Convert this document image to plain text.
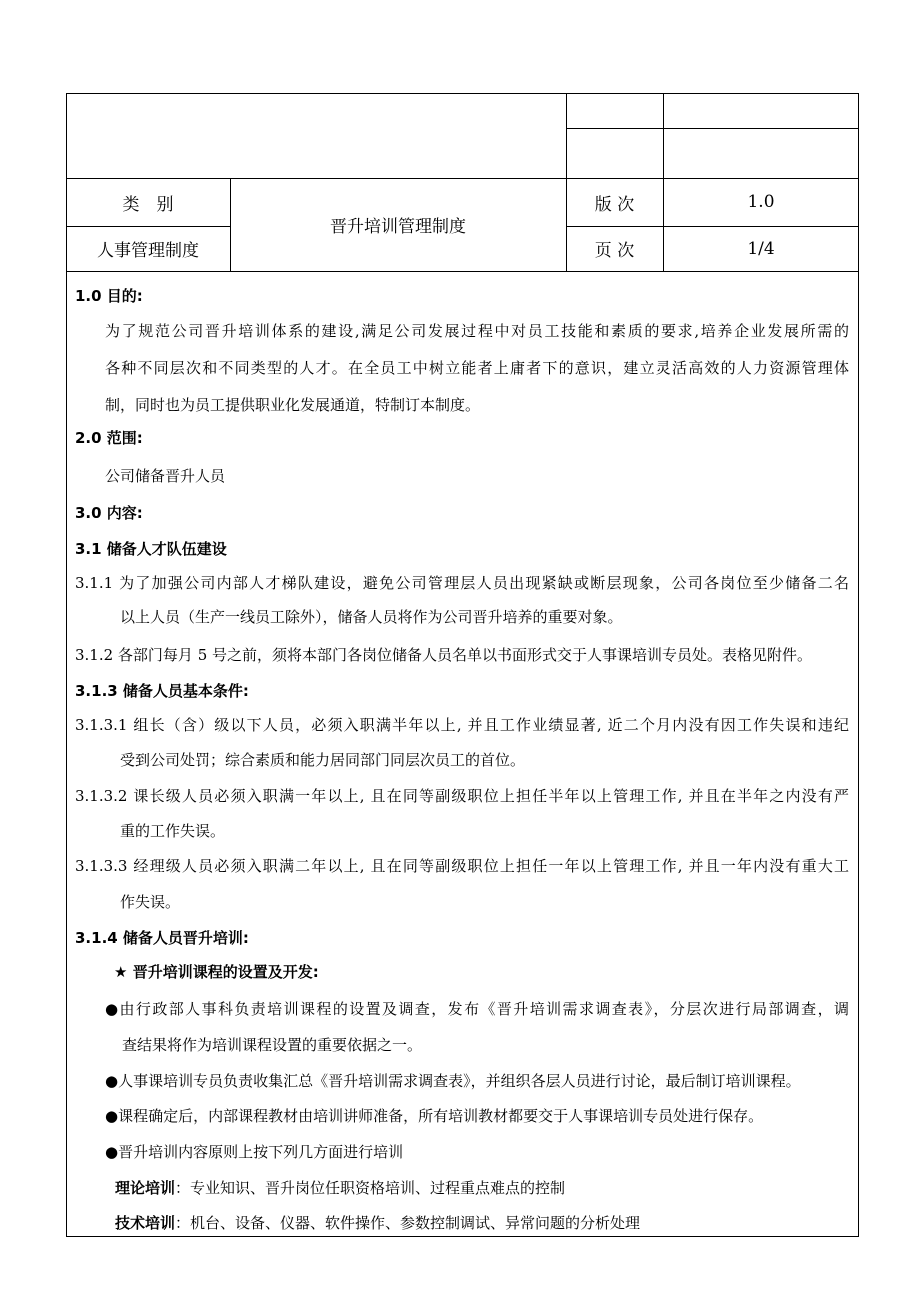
类　别
人事管理制度
晋升培训管理制度
版 次	1.0
页 次	1/4
1.0 目的:
为了规范公司晋升培训体系的建设,满足公司发展过程中对员工技能和素质的要求,培养企业发展所需的
各种不同层次和不同类型的人才。在全员工中树立能者上庸者下的意识，建立灵活高效的人力资源管理体
制，同时也为员工提供职业化发展通道，特制订本制度。
2.0 范围:
公司储备晋升人员
3.0 内容:
3.1 储备人才队伍建设
3.1.1 为了加强公司内部人才梯队建设，避免公司管理层人员出现紧缺或断层现象，公司各岗位至少储备二名
以上人员（生产一线员工除外），储备人员将作为公司晋升培养的重要对象。
3.1.2 各部门每月 5 号之前，须将本部门各岗位储备人员名单以书面形式交于人事课培训专员处。表格见附件。
3.1.3 储备人员基本条件:
3.1.3.1 组长（含）级以下人员，必须入职满半年以上, 并且工作业绩显著, 近二个月内没有因工作失误和违纪
受到公司处罚；综合素质和能力居同部门同层次员工的首位。
3.1.3.2 课长级人员必须入职满一年以上, 且在同等副级职位上担任半年以上管理工作, 并且在半年之内没有严
重的工作失误。
3.1.3.3 经理级人员必须入职满二年以上, 且在同等副级职位上担任一年以上管理工作, 并且一年内没有重大工
作失误。
3.1.4 储备人员晋升培训:
★ 晋升培训课程的设置及开发:
●由行政部人事科负责培训课程的设置及调查，发布《晋升培训需求调查表》，分层次进行局部调查，调
查结果将作为培训课程设置的重要依据之一。
●人事课培训专员负责收集汇总《晋升培训需求调查表》，并组织各层人员进行讨论，最后制订培训课程。
●课程确定后，内部课程教材由培训讲师准备，所有培训教材都要交于人事课培训专员处进行保存。
●晋升培训内容原则上按下列几方面进行培训
理论培训：专业知识、晋升岗位任职资格培训、过程重点难点的控制
技术培训：机台、设备、仪器、软件操作、参数控制调试、异常问题的分析处理
